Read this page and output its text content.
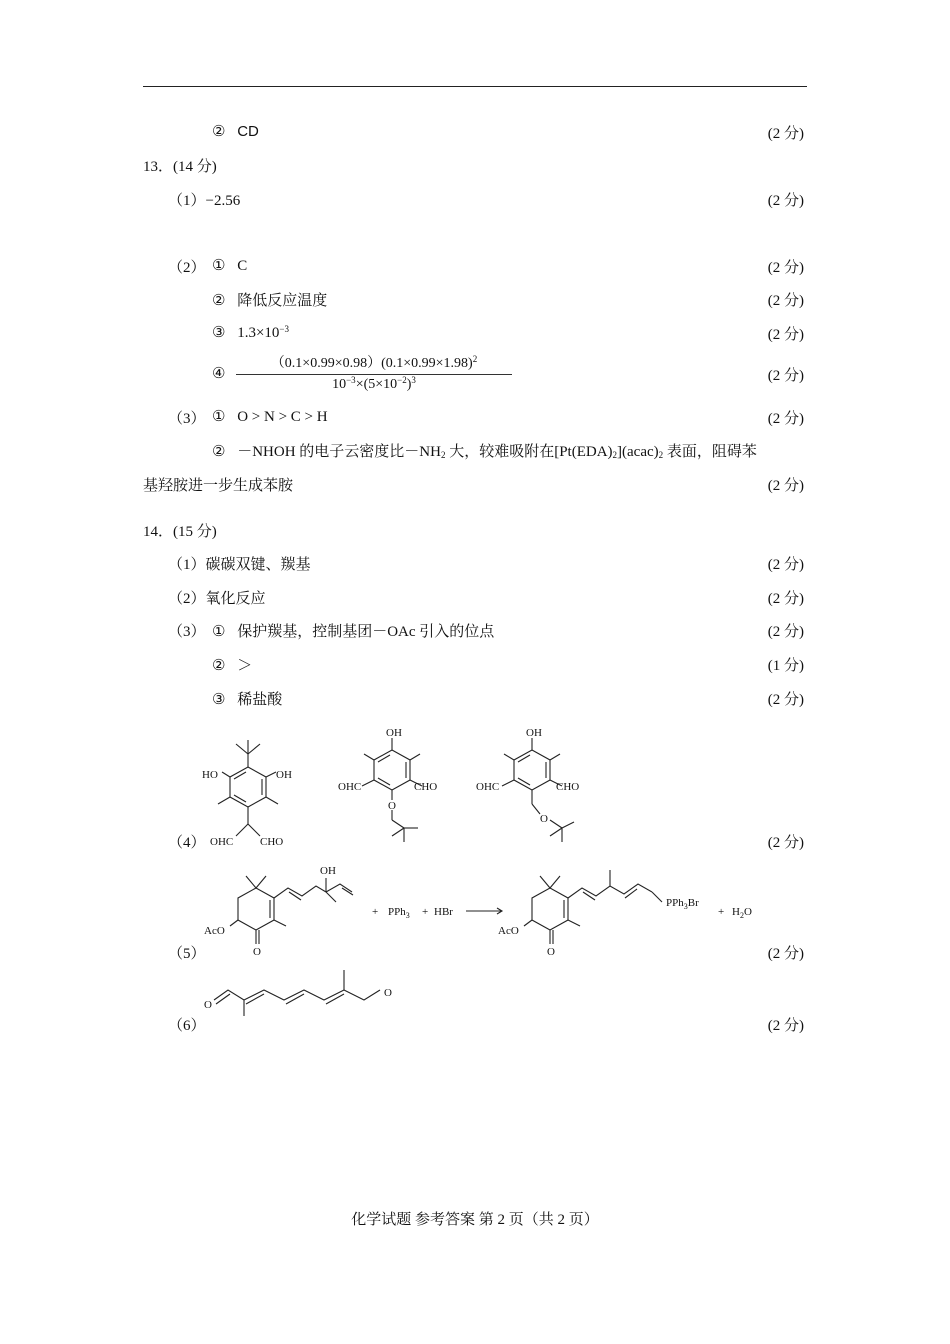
② CD	(2 分)
13．(14 分)
（1）−2.56	(2 分)
（2） ① C	(2 分)
② 降低反应温度	(2 分)
③ $1.3\times 10^{-3}$	(2 分)
④ $\frac{(0.1\times 0.99\times 0.98)(0.1\times 0.99\times 1.98)^2}{10^{-3}\times(5\times 10^{-2})^3}$	(2 分)
（3） ① O > N > C > H	(2 分)
② －NHOH 的电子云密度比$-NH_2$ 大，较难吸附在$[Pt(EDA)_2](acac)_2$ 表面，阻碍苯
基羟胺进一步生成苯胺	(2 分)
14．(15 分)
（1）碳碳双键、羰基	(2 分)
（2）氧化反应	(2 分)
（3） ① 保护羰基，控制基团－OAc 引入的位点	(2 分)
② ＞	(1 分)
③ 稀盐酸	(2 分)
（4）	(2 分)
HO	OH
OHC CHO
OH
OHC	CHO
O
OH
OHC	CHO
O
（5）	(2 分)
OH
AcO
O
+ PPh$_3$ + HBr
AcO
O
PPh$_3$Br
+ $H_2O$
（6）	(2 分)
O
O
化学试题 参考答案 第 2 页（共 2 页）
